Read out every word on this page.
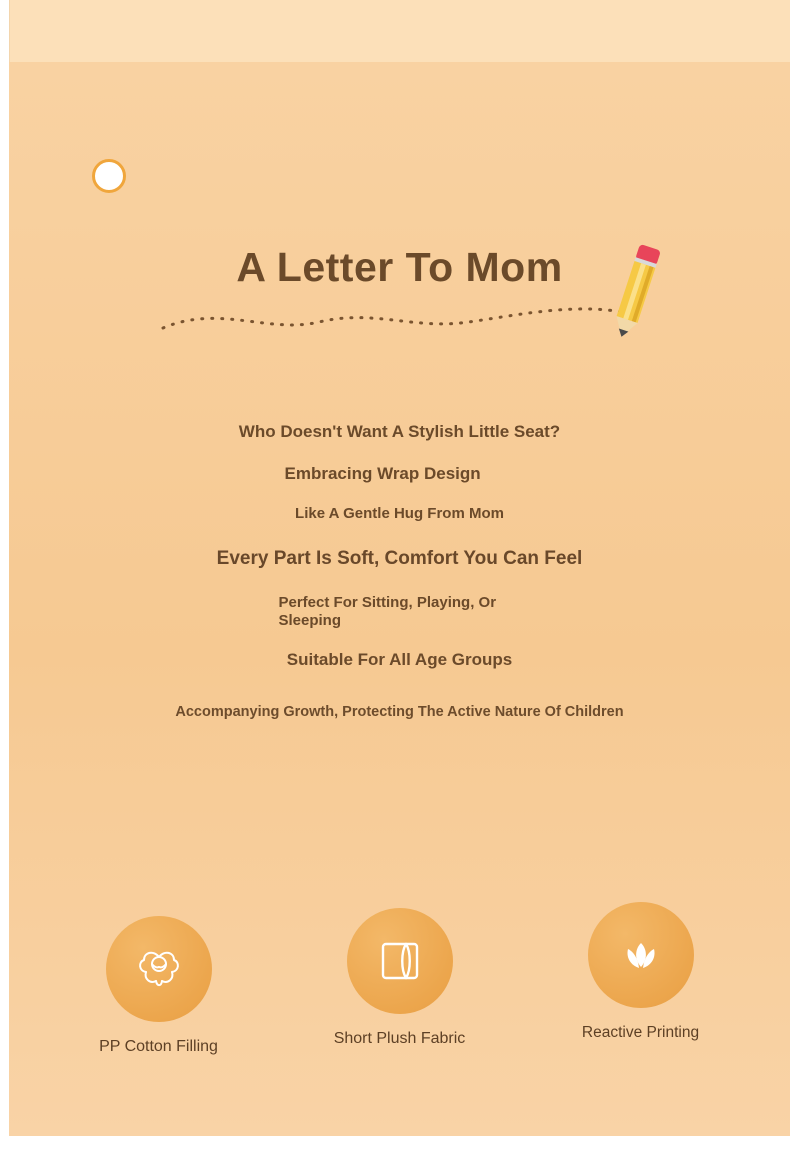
A Letter To Mom

Who Doesn't Want A Stylish Little Seat?

Embracing Wrap Design

Like A Gentle Hug From Mom

Every Part Is Soft, Comfort You Can Feel

Perfect For Sitting, Playing, Or Sleeping

Suitable For All Age Groups

Accompanying Growth, Protecting The Active Nature Of Children

PP Cotton Filling	Short Plush Fabric	Reactive Printing
